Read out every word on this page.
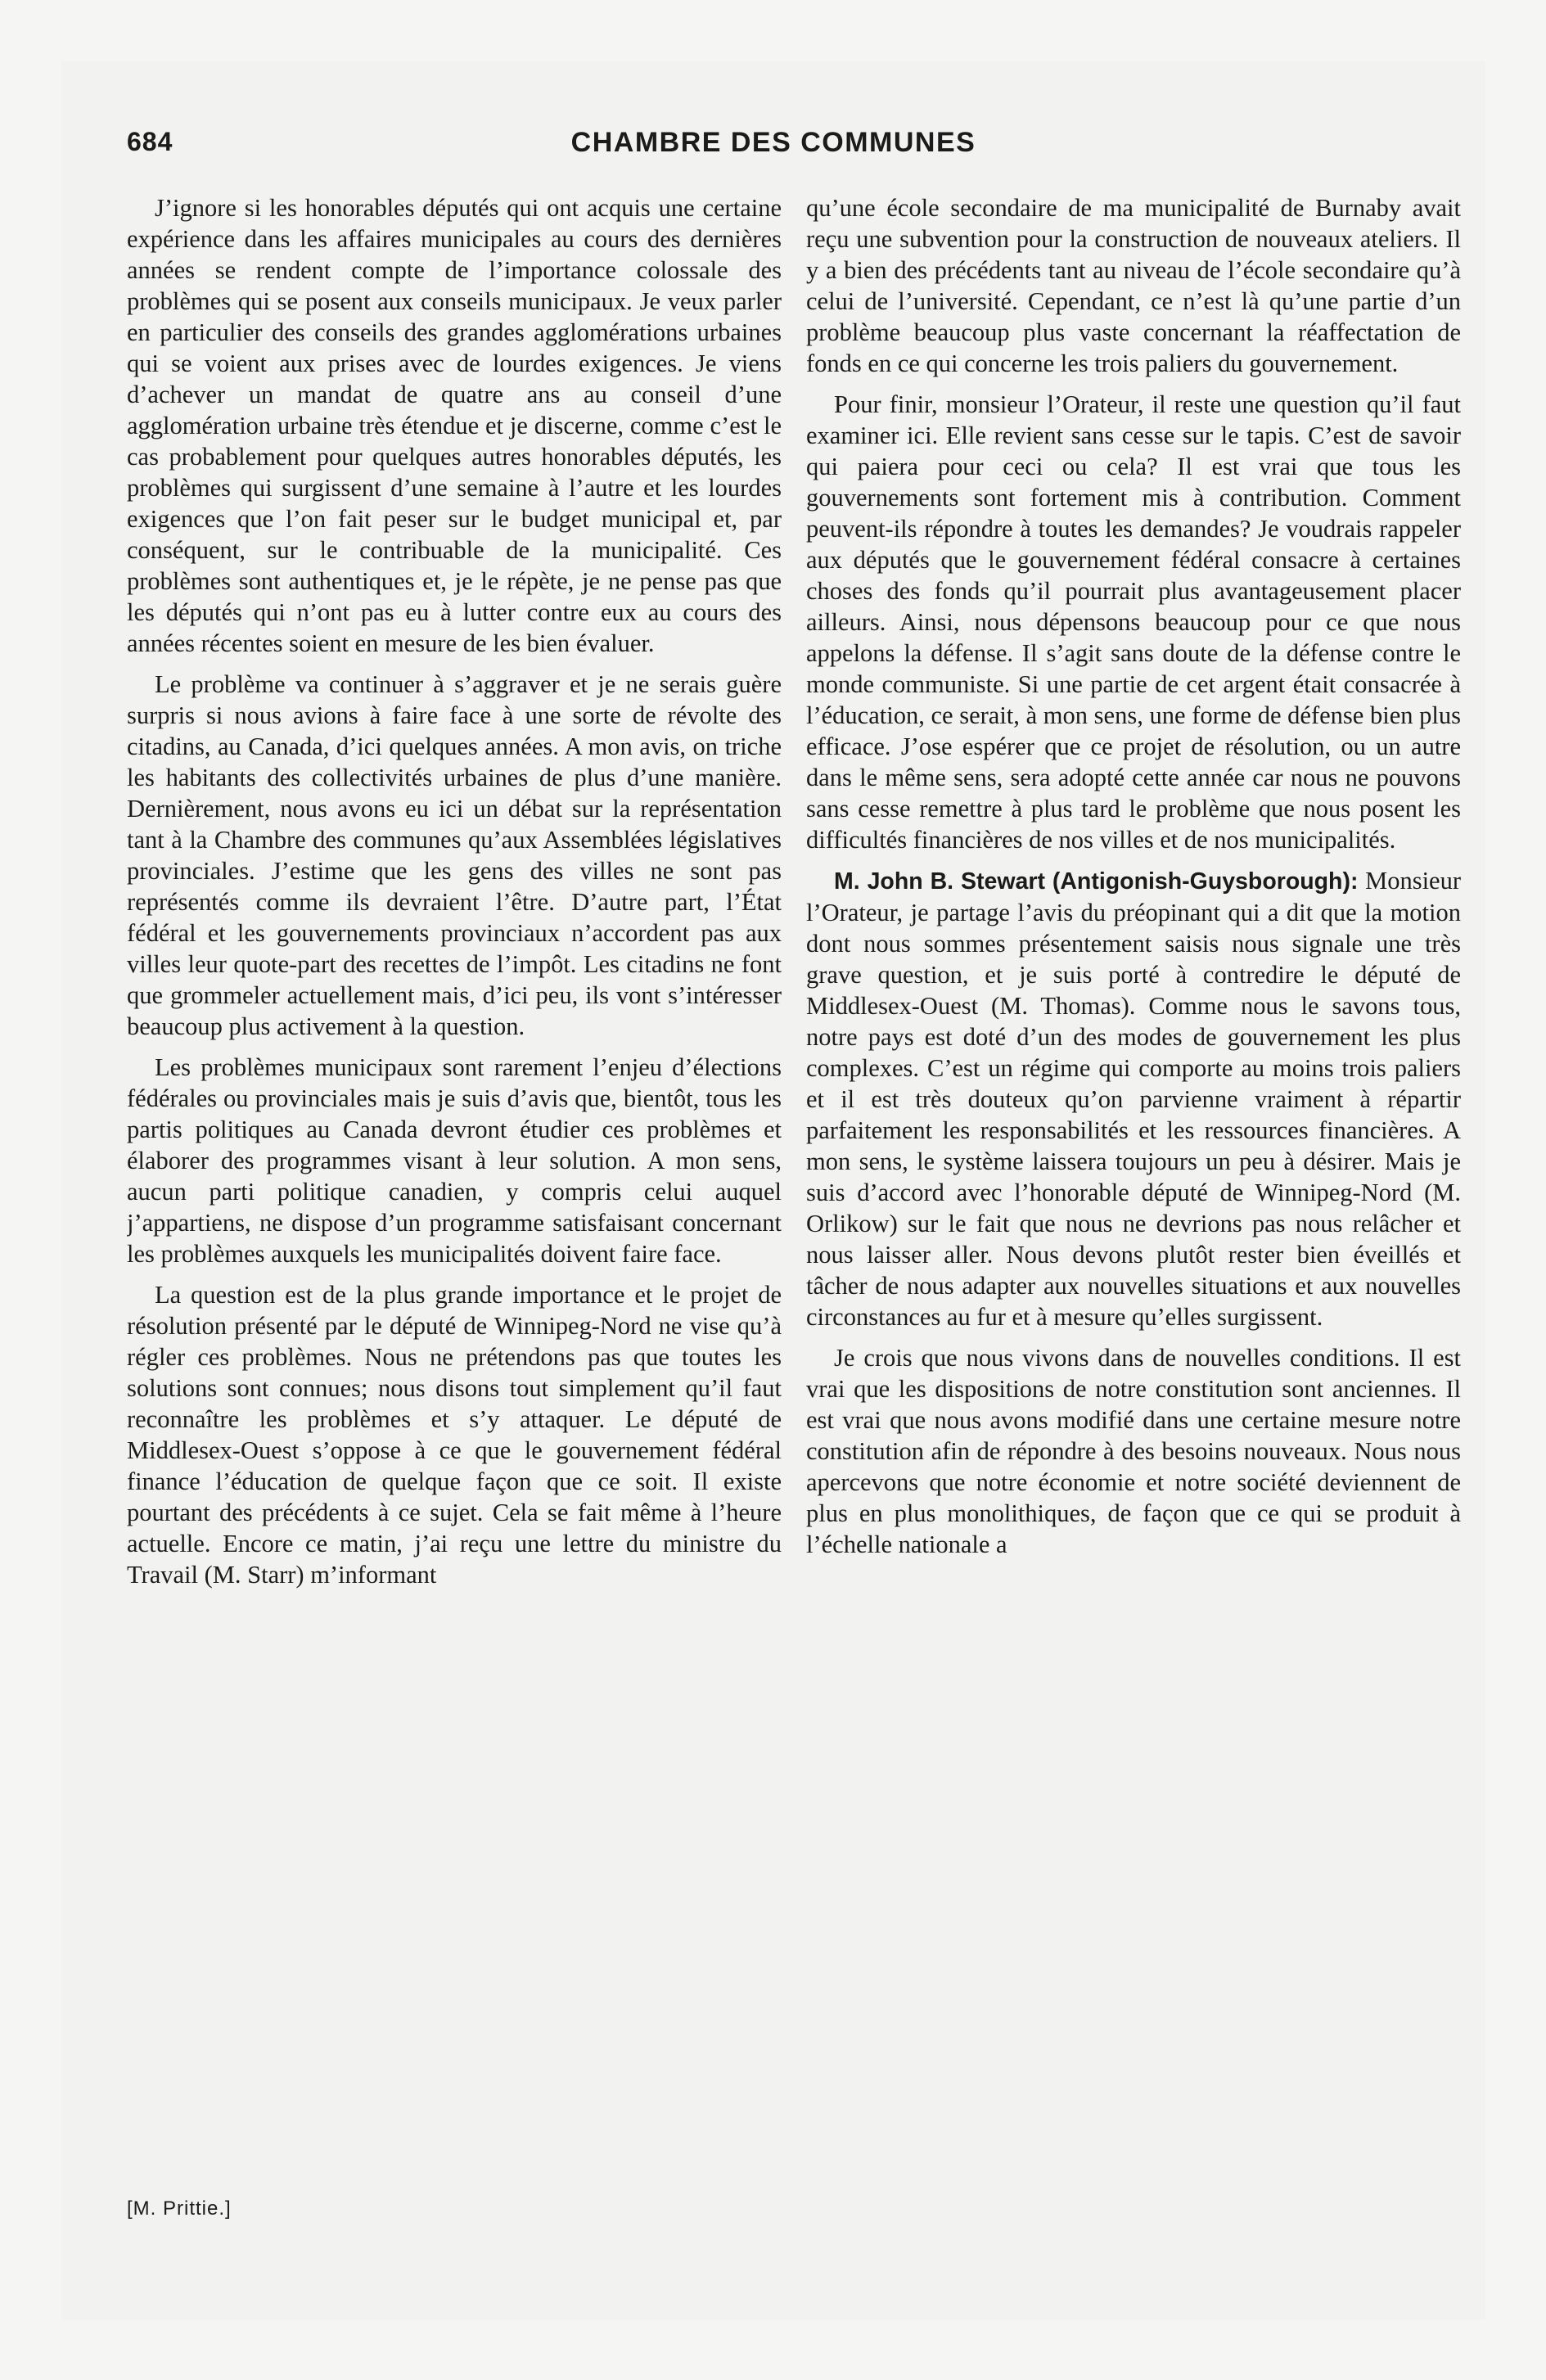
684	CHAMBRE DES COMMUNES

J’ignore si les honorables députés qui ont acquis une certaine expérience dans les affaires municipales au cours des dernières années se rendent compte de l’importance colossale des problèmes qui se posent aux conseils municipaux. Je veux parler en particulier des conseils des grandes agglomérations urbaines qui se voient aux prises avec de lourdes exigences. Je viens d’achever un mandat de quatre ans au conseil d’une agglomération urbaine très étendue et je discerne, comme c’est le cas probablement pour quelques autres honorables députés, les problèmes qui surgissent d’une semaine à l’autre et les lourdes exigences que l’on fait peser sur le budget municipal et, par conséquent, sur le contribuable de la municipalité. Ces problèmes sont authentiques et, je le répète, je ne pense pas que les députés qui n’ont pas eu à lutter contre eux au cours des années récentes soient en mesure de les bien évaluer.

Le problème va continuer à s’aggraver et je ne serais guère surpris si nous avions à faire face à une sorte de révolte des citadins, au Canada, d’ici quelques années. A mon avis, on triche les habitants des collectivités urbaines de plus d’une manière. Dernièrement, nous avons eu ici un débat sur la représentation tant à la Chambre des communes qu’aux Assemblées législatives provinciales. J’estime que les gens des villes ne sont pas représentés comme ils devraient l’être. D’autre part, l’État fédéral et les gouvernements provinciaux n’accordent pas aux villes leur quote-part des recettes de l’impôt. Les citadins ne font que grommeler actuellement mais, d’ici peu, ils vont s’intéresser beaucoup plus activement à la question.

Les problèmes municipaux sont rarement l’enjeu d’élections fédérales ou provinciales mais je suis d’avis que, bientôt, tous les partis politiques au Canada devront étudier ces problèmes et élaborer des programmes visant à leur solution. A mon sens, aucun parti politique canadien, y compris celui auquel j’appartiens, ne dispose d’un programme satisfaisant concernant les problèmes auxquels les municipalités doivent faire face.

La question est de la plus grande importance et le projet de résolution présenté par le député de Winnipeg-Nord ne vise qu’à régler ces problèmes. Nous ne prétendons pas que toutes les solutions sont connues; nous disons tout simplement qu’il faut reconnaître les problèmes et s’y attaquer. Le député de Middlesex-Ouest s’oppose à ce que le gouvernement fédéral finance l’éducation de quelque façon que ce soit. Il existe pourtant des précédents à ce sujet. Cela se fait même à l’heure actuelle. Encore ce matin, j’ai reçu une lettre du ministre du Travail (M. Starr) m’informant

qu’une école secondaire de ma municipalité de Burnaby avait reçu une subvention pour la construction de nouveaux ateliers. Il y a bien des précédents tant au niveau de l’école secondaire qu’à celui de l’université. Cependant, ce n’est là qu’une partie d’un problème beaucoup plus vaste concernant la réaffectation de fonds en ce qui concerne les trois paliers du gouvernement.

Pour finir, monsieur l’Orateur, il reste une question qu’il faut examiner ici. Elle revient sans cesse sur le tapis. C’est de savoir qui paiera pour ceci ou cela? Il est vrai que tous les gouvernements sont fortement mis à contribution. Comment peuvent-ils répondre à toutes les demandes? Je voudrais rappeler aux députés que le gouvernement fédéral consacre à certaines choses des fonds qu’il pourrait plus avantageusement placer ailleurs. Ainsi, nous dépensons beaucoup pour ce que nous appelons la défense. Il s’agit sans doute de la défense contre le monde communiste. Si une partie de cet argent était consacrée à l’éducation, ce serait, à mon sens, une forme de défense bien plus efficace. J’ose espérer que ce projet de résolution, ou un autre dans le même sens, sera adopté cette année car nous ne pouvons sans cesse remettre à plus tard le problème que nous posent les difficultés financières de nos villes et de nos municipalités.

M. John B. Stewart (Antigonish-Guysborough): Monsieur l’Orateur, je partage l’avis du préopinant qui a dit que la motion dont nous sommes présentement saisis nous signale une très grave question, et je suis porté à contredire le député de Middlesex-Ouest (M. Thomas). Comme nous le savons tous, notre pays est doté d’un des modes de gouvernement les plus complexes. C’est un régime qui comporte au moins trois paliers et il est très douteux qu’on parvienne vraiment à répartir parfaitement les responsabilités et les ressources financières. A mon sens, le système laissera toujours un peu à désirer. Mais je suis d’accord avec l’honorable député de Winnipeg-Nord (M. Orlikow) sur le fait que nous ne devrions pas nous relâcher et nous laisser aller. Nous devons plutôt rester bien éveillés et tâcher de nous adapter aux nouvelles situations et aux nouvelles circonstances au fur et à mesure qu’elles surgissent.

Je crois que nous vivons dans de nouvelles conditions. Il est vrai que les dispositions de notre constitution sont anciennes. Il est vrai que nous avons modifié dans une certaine mesure notre constitution afin de répondre à des besoins nouveaux. Nous nous apercevons que notre économie et notre société deviennent de plus en plus monolithiques, de façon que ce qui se produit à l’échelle nationale a

[M. Prittie.]
